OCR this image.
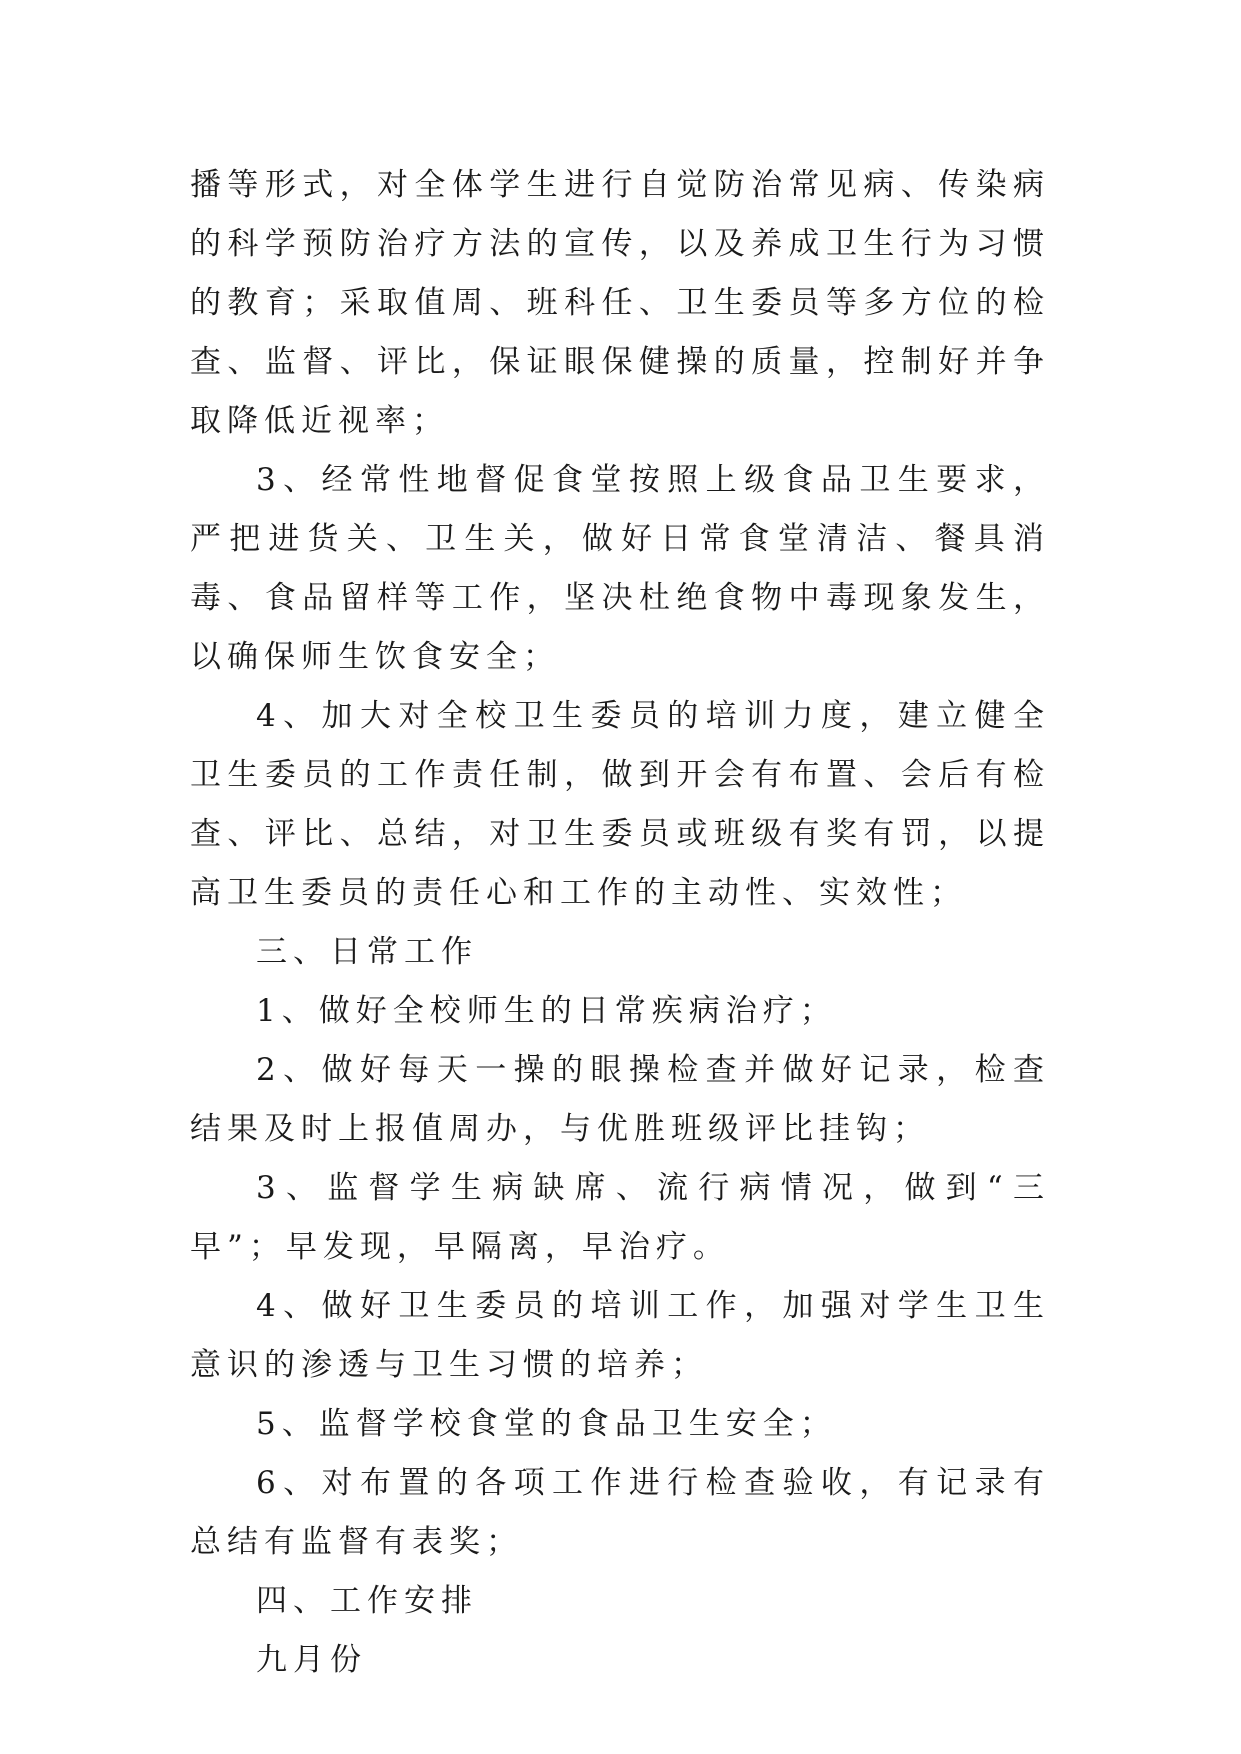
播等形式，对全体学生进行自觉防治常见病、传染病的科学预防治疗方法的宣传，以及养成卫生行为习惯的教育；采取值周、班科任、卫生委员等多方位的检查、监督、评比，保证眼保健操的质量，控制好并争取降低近视率；

3、经常性地督促食堂按照上级食品卫生要求，严把进货关、卫生关，做好日常食堂清洁、餐具消毒、食品留样等工作，坚决杜绝食物中毒现象发生，以确保师生饮食安全；

4、加大对全校卫生委员的培训力度，建立健全卫生委员的工作责任制，做到开会有布置、会后有检查、评比、总结，对卫生委员或班级有奖有罚，以提高卫生委员的责任心和工作的主动性、实效性；

三、日常工作

1、做好全校师生的日常疾病治疗；

2、做好每天一操的眼操检查并做好记录，检查结果及时上报值周办，与优胜班级评比挂钩；

3、监督学生病缺席、流行病情况，做到“三早”；早发现，早隔离，早治疗。

4、做好卫生委员的培训工作，加强对学生卫生意识的渗透与卫生习惯的培养；

5、监督学校食堂的食品卫生安全；

6、对布置的各项工作进行检查验收，有记录有总结有监督有表奖；

四、工作安排

九月份
